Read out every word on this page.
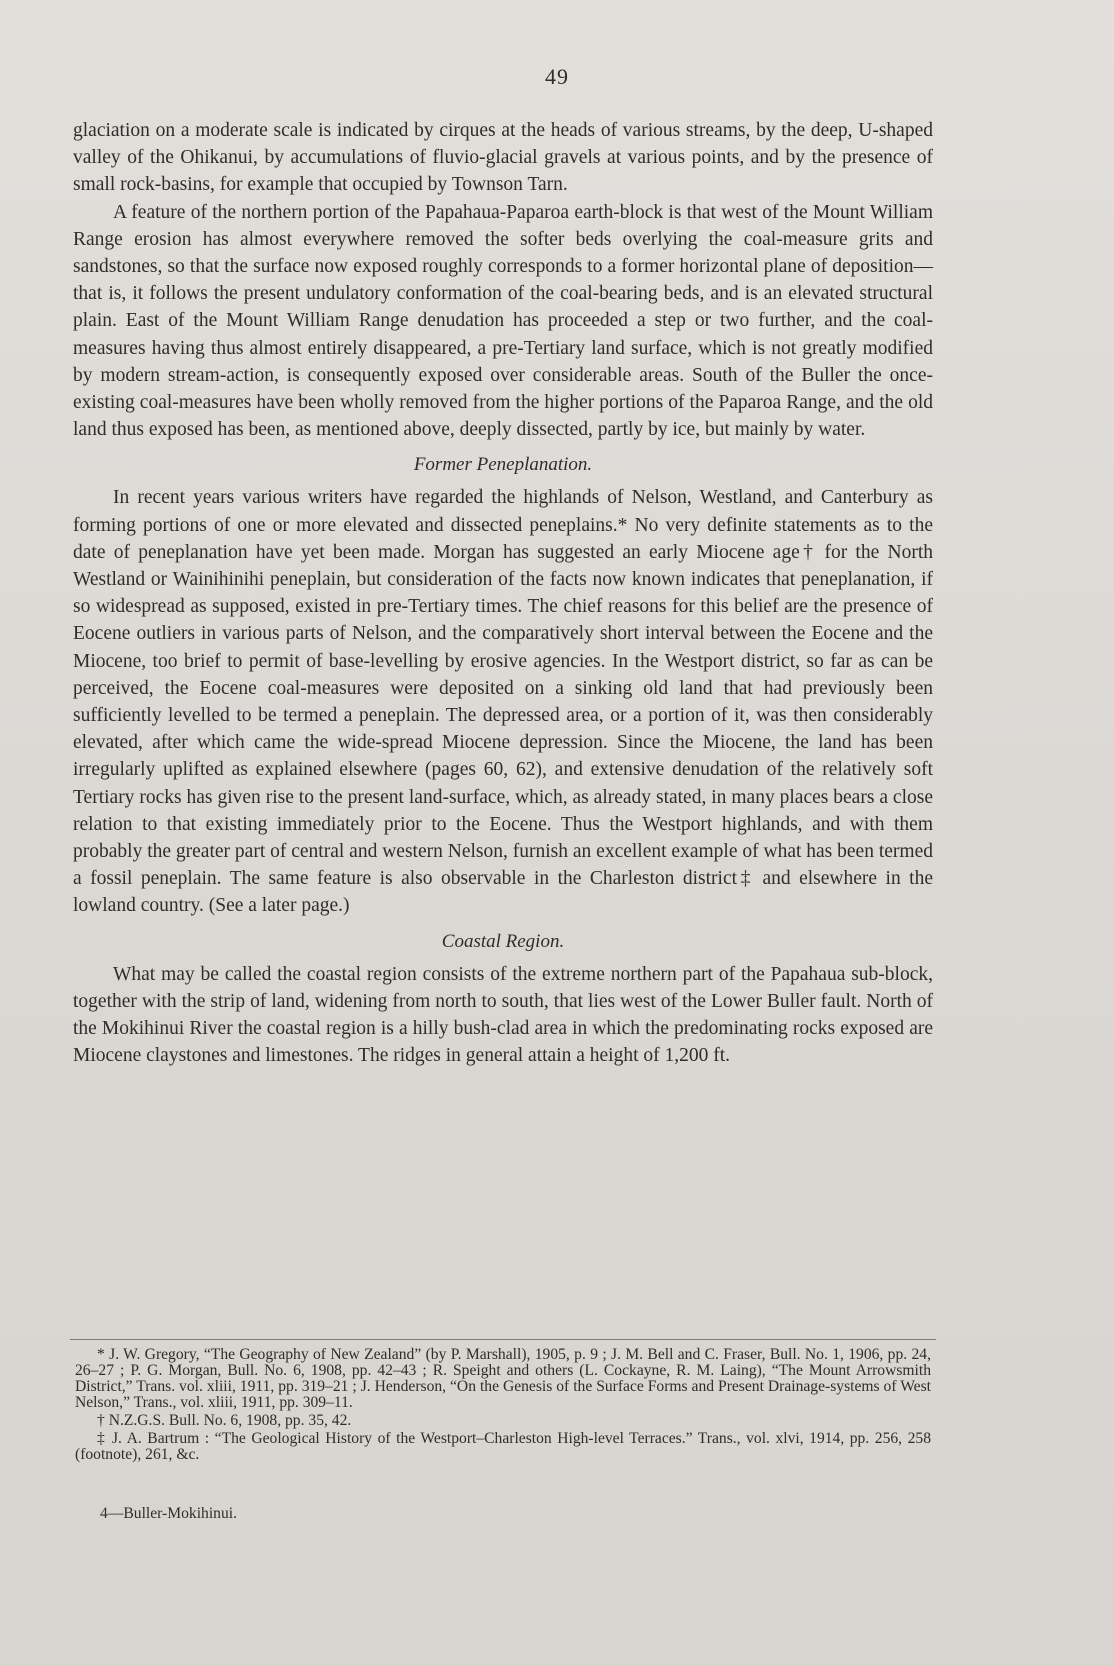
49

glaciation on a moderate scale is indicated by cirques at the heads of various streams, by the deep, U-shaped valley of the Ohikanui, by accumulations of fluvio-glacial gravels at various points, and by the presence of small rock-basins, for example that occupied by Townson Tarn.

A feature of the northern portion of the Papahaua-Paparoa earth-block is that west of the Mount William Range erosion has almost everywhere removed the softer beds overlying the coal-measure grits and sandstones, so that the surface now exposed roughly corresponds to a former horizontal plane of deposition—that is, it follows the present undulatory conformation of the coal-bearing beds, and is an elevated structural plain. East of the Mount William Range denudation has proceeded a step or two further, and the coal-measures having thus almost entirely disappeared, a pre-Tertiary land surface, which is not greatly modified by modern stream-action, is consequently exposed over considerable areas. South of the Buller the once-existing coal-measures have been wholly removed from the higher portions of the Paparoa Range, and the old land thus exposed has been, as mentioned above, deeply dissected, partly by ice, but mainly by water.

Former Peneplanation.

In recent years various writers have regarded the highlands of Nelson, Westland, and Canterbury as forming portions of one or more elevated and dissected peneplains.* No very definite statements as to the date of peneplanation have yet been made. Morgan has suggested an early Miocene age† for the North Westland or Wainihinihi peneplain, but consideration of the facts now known indicates that peneplanation, if so widespread as supposed, existed in pre-Tertiary times. The chief reasons for this belief are the presence of Eocene outliers in various parts of Nelson, and the comparatively short interval between the Eocene and the Miocene, too brief to permit of base-levelling by erosive agencies. In the Westport district, so far as can be perceived, the Eocene coal-measures were deposited on a sinking old land that had previously been sufficiently levelled to be termed a peneplain. The depressed area, or a portion of it, was then considerably elevated, after which came the wide-spread Miocene depression. Since the Miocene, the land has been irregularly uplifted as explained elsewhere (pages 60, 62), and extensive denudation of the relatively soft Tertiary rocks has given rise to the present land-surface, which, as already stated, in many places bears a close relation to that existing immediately prior to the Eocene. Thus the Westport highlands, and with them probably the greater part of central and western Nelson, furnish an excellent example of what has been termed a fossil peneplain. The same feature is also observable in the Charleston district‡ and elsewhere in the lowland country. (See a later page.)

Coastal Region.

What may be called the coastal region consists of the extreme northern part of the Papahaua sub-block, together with the strip of land, widening from north to south, that lies west of the Lower Buller fault. North of the Mokihinui River the coastal region is a hilly bush-clad area in which the predominating rocks exposed are Miocene claystones and limestones. The ridges in general attain a height of 1,200 ft.

* J. W. Gregory, “The Geography of New Zealand” (by P. Marshall), 1905, p. 9 ; J. M. Bell and C. Fraser, Bull. No. 1, 1906, pp. 24, 26–27 ; P. G. Morgan, Bull. No. 6, 1908, pp. 42–43 ; R. Speight and others (L. Cockayne, R. M. Laing), “The Mount Arrowsmith District,” Trans. vol. xliii, 1911, pp. 319–21 ; J. Henderson, “On the Genesis of the Surface Forms and Present Drainage-systems of West Nelson,” Trans., vol. xliii, 1911, pp. 309–11.

† N.Z.G.S. Bull. No. 6, 1908, pp. 35, 42.

‡ J. A. Bartrum : “The Geological History of the Westport–Charleston High-level Terraces.” Trans., vol. xlvi, 1914, pp. 256, 258 (footnote), 261, &c.

4—Buller-Mokihinui.
